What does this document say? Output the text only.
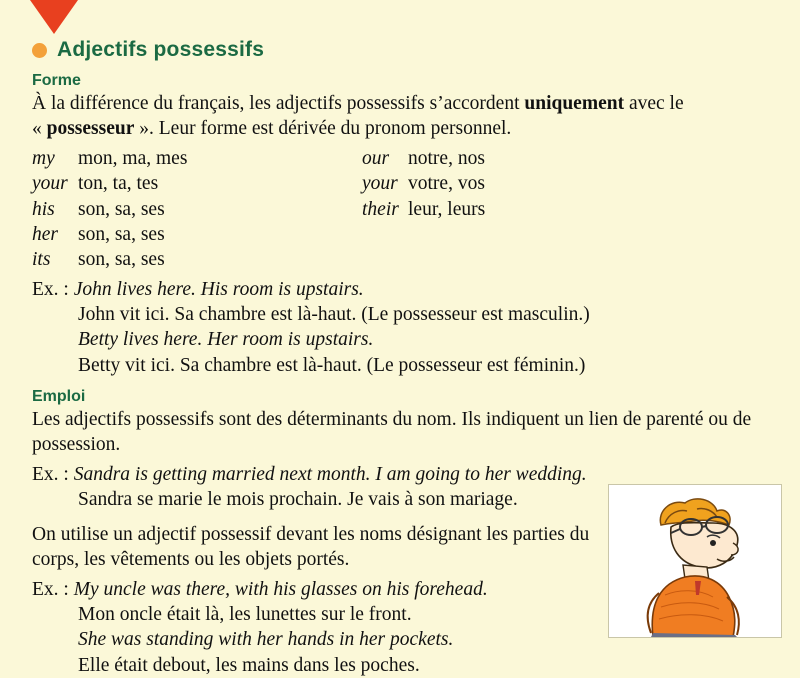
Adjectifs possessifs
Forme

À la différence du français, les adjectifs possessifs s’accordent uniquement avec le
« possesseur ». Leur forme est dérivée du pronom personnel.

my mon, ma, mes
your ton, ta, tes
his son, sa, ses
her son, sa, ses
its son, sa, ses
our notre, nos
your votre, vos
their leur, leurs
Ex. : John lives here. His room is upstairs.
John vit ici. Sa chambre est là-haut. (Le possesseur est masculin.)
Betty lives here. Her room is upstairs.
Betty vit ici. Sa chambre est là-haut. (Le possesseur est féminin.)
Emploi

Les adjectifs possessifs sont des déterminants du nom. Ils indiquent un lien de parenté ou de possession.

Ex. : Sandra is getting married next month. I am going to her wedding.
Sandra se marie le mois prochain. Je vais à son mariage.

On utilise un adjectif possessif devant les noms désignant les parties du corps, les vêtements ou les objets portés.

Ex. : My uncle was there, with his glasses on his forehead.
Mon oncle était là, les lunettes sur le front.
She was standing with her hands in her pockets.
Elle était debout, les mains dans les poches.
